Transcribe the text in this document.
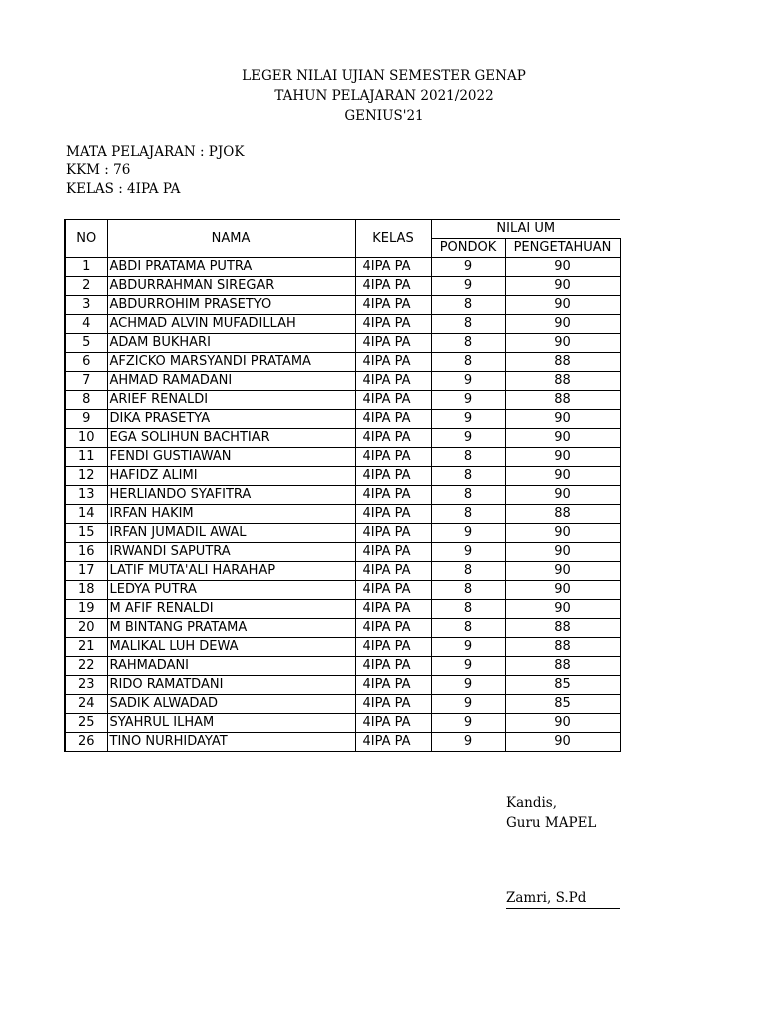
LEGER NILAI UJIAN SEMESTER GENAP
TAHUN PELAJARAN 2021/2022
GENIUS'21
MATA PELAJARAN : PJOK
KKM : 76
KELAS : 4IPA PA
NO	NAMA	KELAS	NILAI UM	
			PONDOK	PENGETAHUAN
1	ABDI PRATAMA PUTRA	4IPA PA	9	90
2	ABDURRAHMAN SIREGAR	4IPA PA	9	90
3	ABDURROHIM PRASETYO	4IPA PA	8	90
4	ACHMAD ALVIN MUFADILLAH	4IPA PA	8	90
5	ADAM BUKHARI	4IPA PA	8	90
6	AFZICKO MARSYANDI PRATAMA	4IPA PA	8	88
7	AHMAD RAMADANI	4IPA PA	9	88
8	ARIEF RENALDI	4IPA PA	9	88
9	DIKA PRASETYA	4IPA PA	9	90
10	EGA SOLIHUN BACHTIAR	4IPA PA	9	90
11	FENDI GUSTIAWAN	4IPA PA	8	90
12	HAFIDZ ALIMI	4IPA PA	8	90
13	HERLIANDO SYAFITRA	4IPA PA	8	90
14	IRFAN HAKIM	4IPA PA	8	88
15	IRFAN JUMADIL AWAL	4IPA PA	9	90
16	IRWANDI SAPUTRA	4IPA PA	9	90
17	LATIF MUTA'ALI HARAHAP	4IPA PA	8	90
18	LEDYA PUTRA	4IPA PA	8	90
19	M AFIF RENALDI	4IPA PA	8	90
20	M BINTANG PRATAMA	4IPA PA	8	88
21	MALIKAL LUH DEWA	4IPA PA	9	88
22	RAHMADANI	4IPA PA	9	88
23	RIDO RAMATDANI	4IPA PA	9	85
24	SADIK ALWADAD	4IPA PA	9	85
25	SYAHRUL ILHAM	4IPA PA	9	90
26	TINO NURHIDAYAT	4IPA PA	9	90
Kandis,
Guru MAPEL
Zamri, S.Pd
